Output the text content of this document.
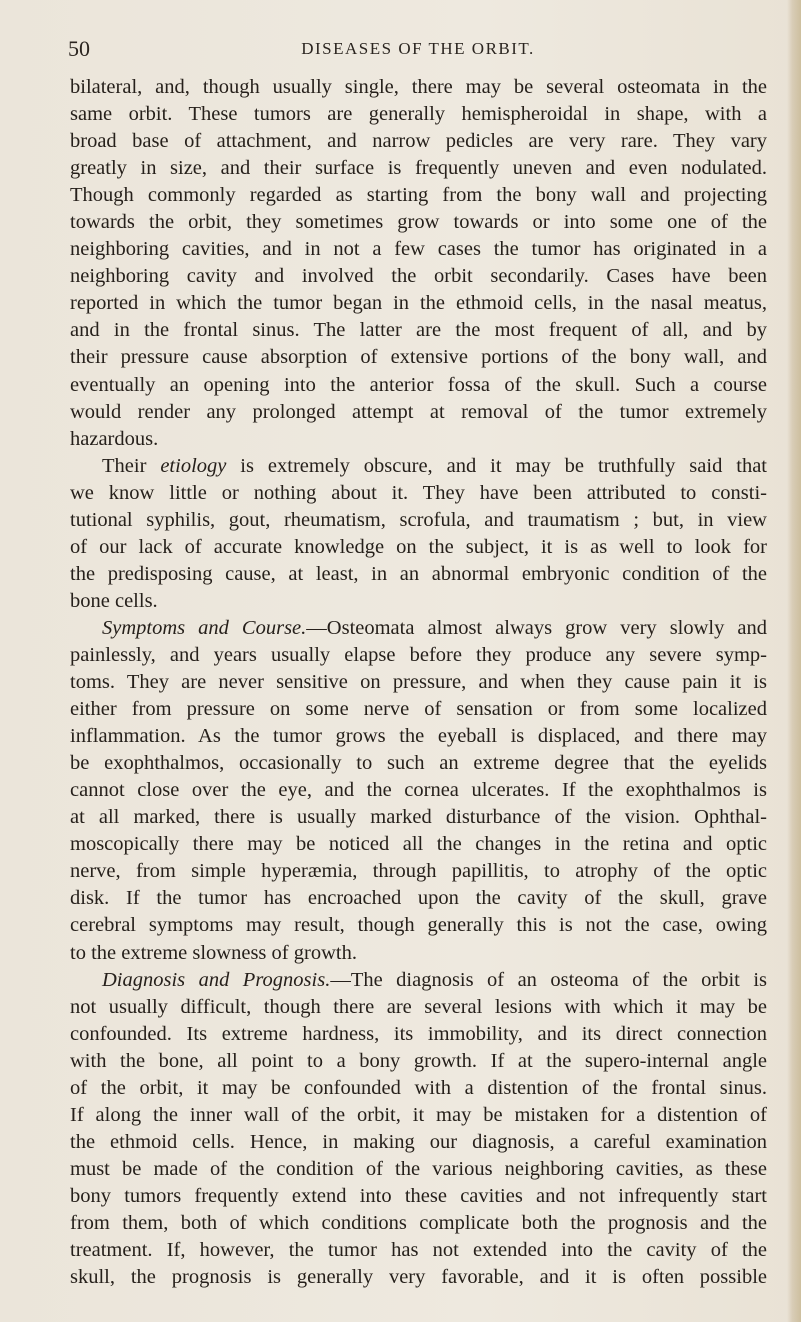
50	DISEASES OF THE ORBIT.
bilateral, and, though usually single, there may be several osteomata in the
same orbit. These tumors are generally hemispheroidal in shape, with a
broad base of attachment, and narrow pedicles are very rare. They vary
greatly in size, and their surface is frequently uneven and even nodulated.
Though commonly regarded as starting from the bony wall and projecting
towards the orbit, they sometimes grow towards or into some one of the
neighboring cavities, and in not a few cases the tumor has originated in a
neighboring cavity and involved the orbit secondarily. Cases have been
reported in which the tumor began in the ethmoid cells, in the nasal meatus,
and in the frontal sinus. The latter are the most frequent of all, and by
their pressure cause absorption of extensive portions of the bony wall, and
eventually an opening into the anterior fossa of the skull. Such a course
would render any prolonged attempt at removal of the tumor extremely
hazardous.
Their etiology is extremely obscure, and it may be truthfully said that
we know little or nothing about it. They have been attributed to consti-
tutional syphilis, gout, rheumatism, scrofula, and traumatism ; but, in view
of our lack of accurate knowledge on the subject, it is as well to look for
the predisposing cause, at least, in an abnormal embryonic condition of the
bone cells.
Symptoms and Course.—Osteomata almost always grow very slowly and
painlessly, and years usually elapse before they produce any severe symp-
toms. They are never sensitive on pressure, and when they cause pain it is
either from pressure on some nerve of sensation or from some localized
inflammation. As the tumor grows the eyeball is displaced, and there may
be exophthalmos, occasionally to such an extreme degree that the eyelids
cannot close over the eye, and the cornea ulcerates. If the exophthalmos is
at all marked, there is usually marked disturbance of the vision. Ophthal-
moscopically there may be noticed all the changes in the retina and optic
nerve, from simple hyperæmia, through papillitis, to atrophy of the optic
disk. If the tumor has encroached upon the cavity of the skull, grave
cerebral symptoms may result, though generally this is not the case, owing
to the extreme slowness of growth.
Diagnosis and Prognosis.—The diagnosis of an osteoma of the orbit is
not usually difficult, though there are several lesions with which it may be
confounded. Its extreme hardness, its immobility, and its direct connection
with the bone, all point to a bony growth. If at the supero-internal angle
of the orbit, it may be confounded with a distention of the frontal sinus.
If along the inner wall of the orbit, it may be mistaken for a distention of
the ethmoid cells. Hence, in making our diagnosis, a careful examination
must be made of the condition of the various neighboring cavities, as these
bony tumors frequently extend into these cavities and not infrequently start
from them, both of which conditions complicate both the prognosis and the
treatment. If, however, the tumor has not extended into the cavity of the
skull, the prognosis is generally very favorable, and it is often possible
